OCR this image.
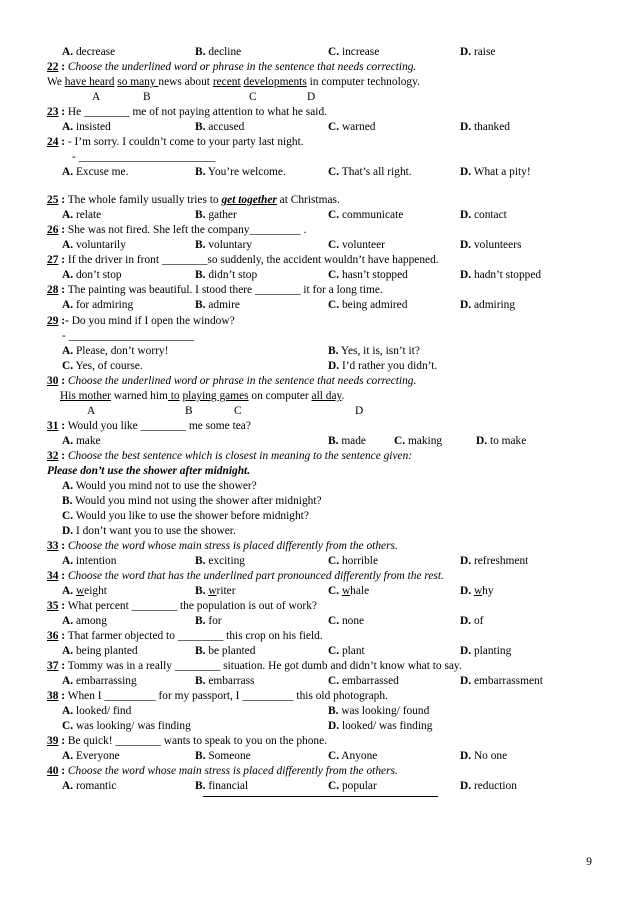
A. decrease	B. decline	C. increase	D. raise
22 : Choose the underlined word or phrase in the sentence that needs correcting.
We have heard so many news about recent developments in computer technology.
A	B	C	D
23 : He ________ me of not paying attention to what he said.
A. insisted	B. accused	C. warned	D. thanked
24 : - I’m sorry. I couldn’t come to your party last night.
- ________________________
A. Excuse me.	B. You’re welcome.	C. That’s all right.	D. What a pity!
25 : The whole family usually tries to get together at Christmas.
A. relate	B. gather	C. communicate	D. contact
26 : She was not fired. She left the company_________ .
A. voluntarily	B. voluntary	C. volunteer	D. volunteers
27 : If the driver in front ________so suddenly, the accident wouldn’t have happened.
A. don’t stop	B. didn’t stop	C. hasn’t stopped	D. hadn’t stopped
28 : The painting was beautiful. I stood there ________ it for a long time.
A. for admiring	B. admire	C. being admired	D. admiring
29 :- Do you mind if I open the window?
- ______________________
A. Please, don’t worry!	B. Yes, it is, isn’t it?
C. Yes, of course.	D. I’d rather you didn’t.
30 : Choose the underlined word or phrase in the sentence that needs correcting.
His mother warned him to playing games on computer all day.
A	B	C	D
31 : Would you like ________ me some tea?
A. make	B. made C. making	D. to make
32 : Choose the best sentence which is closest in meaning to the sentence given:
Please don’t use the shower after midnight.
A. Would you mind not to use the shower?
B. Would you mind not using the shower after midnight?
C. Would you like to use the shower before midnight?
D. I don’t want you to use the shower.
33 : Choose the word whose main stress is placed differently from the others.
A. intention	B. exciting	C. horrible	D. refreshment
34 : Choose the word that has the underlined part pronounced differently from the rest.
A. weight	B. writer	C. whale	D. why
35 : What percent ________ the population is out of work?
A. among	B. for	C. none	D. of
36 : That farmer objected to ________ this crop on his field.
A. being planted	B. be planted	C. plant	D. planting
37 : Tommy was in a really ________ situation. He got dumb and didn’t know what to say.
A. embarrassing	B. embarrass	C. embarrassed	D. embarrassment
38 : When I _________ for my passport, I _________ this old photograph.
A. looked/ find	B. was looking/ found
C. was looking/ was finding	D. looked/ was finding
39 : Be quick! ________ wants to speak to you on the phone.
A. Everyone	B. Someone	C. Anyone	D. No one
40 : Choose the word whose main stress is placed differently from the others.
A. romantic	B. financial	C. popular	D. reduction
9
